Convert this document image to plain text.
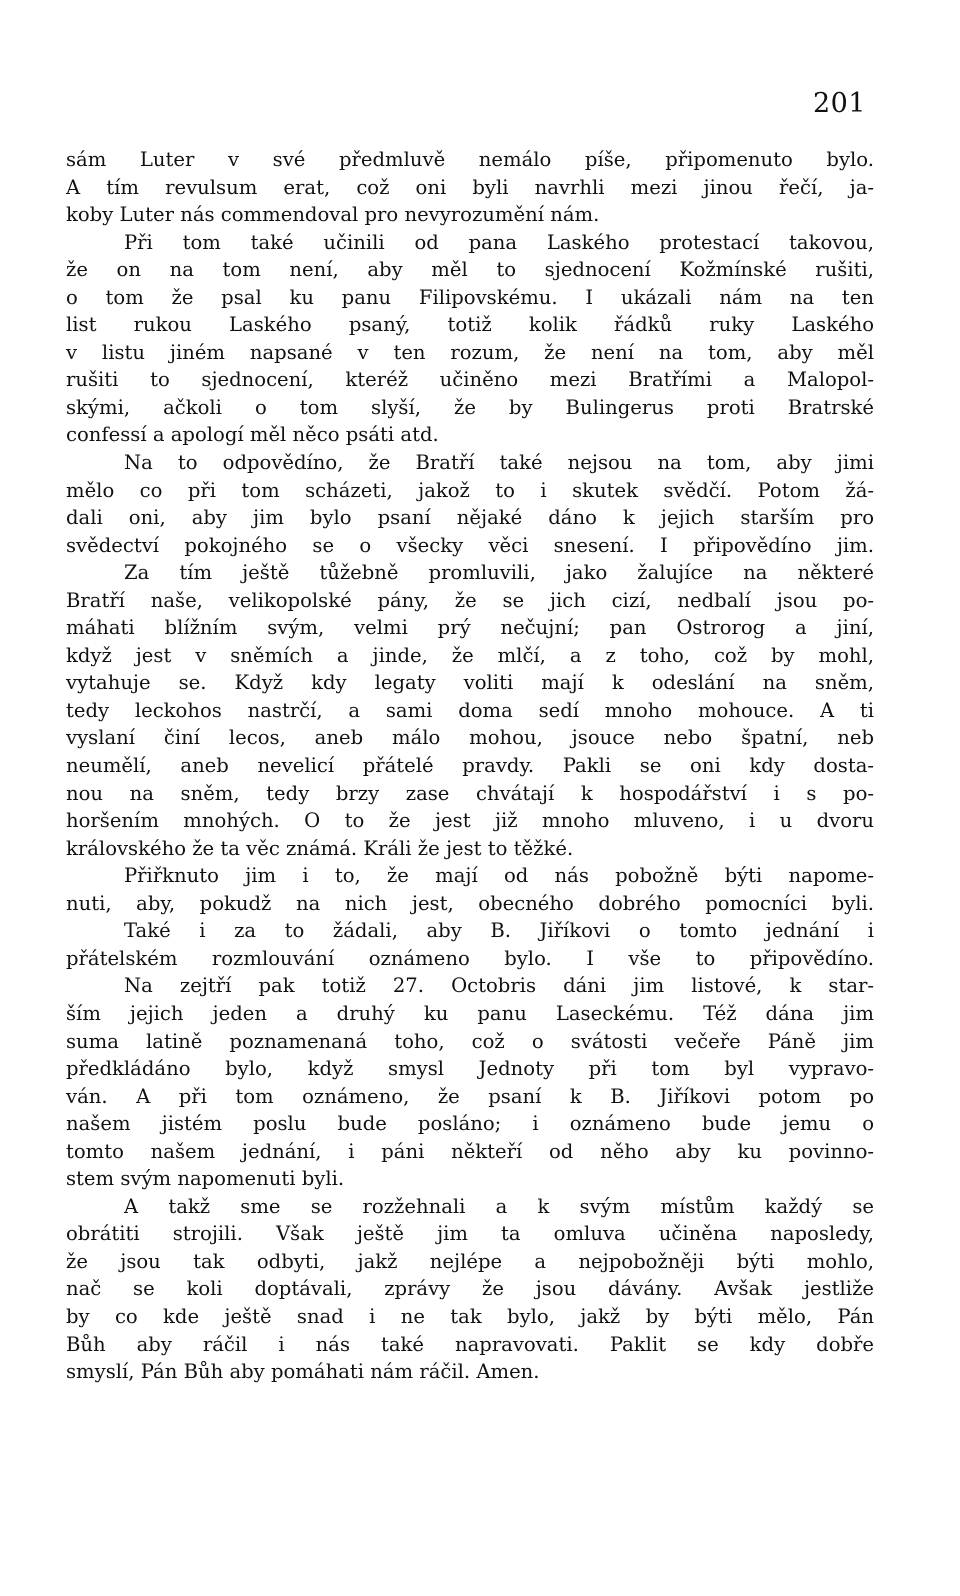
201
sám Luter v své předmluvě nemálo píše, připomenuto bylo.
A tím revulsum erat, což oni byli navrhli mezi jinou řečí, ja-
koby Luter nás commendoval pro nevyrozumění nám.
Při tom také učinili od pana Laského protestací takovou,
že on na tom není, aby měl to sjednocení Kožmínské rušiti,
o tom že psal ku panu Filipovskému. I ukázali nám na ten
list rukou Laského psaný, totiž kolik řádků ruky Laského
v listu jiném napsané v ten rozum, že není na tom, aby měl
rušiti to sjednocení, kteréž učiněno mezi Bratřími a Malopol-
skými, ačkoli o tom slyší, že by Bulingerus proti Bratrské
confessí a apologí měl něco psáti atd.
Na to odpovědíno, že Bratří také nejsou na tom, aby jimi
mělo co při tom scházeti, jakož to i skutek svědčí. Potom žá-
dali oni, aby jim bylo psaní nějaké dáno k jejich starším pro
svědectví pokojného se o všecky věci snesení. I připovědíno jim.
Za tím ještě tůžebně promluvili, jako žalujíce na některé
Bratří naše, velikopolské pány, že se jich cizí, nedbalí jsou po-
máhati blížním svým, velmi prý nečujní; pan Ostrorog a jiní,
když jest v sněmích a jinde, že mlčí, a z toho, což by mohl,
vytahuje se. Když kdy legaty voliti mají k odeslání na sněm,
tedy leckohos nastrčí, a sami doma sedí mnoho mohouce. A ti
vyslaní činí lecos, aneb málo mohou, jsouce nebo špatní, neb
neumělí, aneb nevelicí přátelé pravdy. Pakli se oni kdy dosta-
nou na sněm, tedy brzy zase chvátají k hospodářství i s po-
horšením mnohých. O to že jest již mnoho mluveno, i u dvoru
královského že ta věc známá. Králi že jest to těžké.
Přiřknuto jim i to, že mají od nás pobožně býti napome-
nuti, aby, pokudž na nich jest, obecného dobrého pomocníci byli.
Také i za to žádali, aby B. Jiříkovi o tomto jednání i
přátelském rozmlouvání oznámeno bylo. I vše to připovědíno.
Na zejtří pak totiž 27. Octobris dáni jim listové, k star-
ším jejich jeden a druhý ku panu Laseckému. Též dána jim
suma latině poznamenaná toho, což o svátosti večeře Páně jim
předkládáno bylo, když smysl Jednoty při tom byl vypravo-
ván. A při tom oznámeno, že psaní k B. Jiříkovi potom po
našem jistém poslu bude posláno; i oznámeno bude jemu o
tomto našem jednání, i páni někteří od něho aby ku povinno-
stem svým napomenuti byli.
A takž sme se rozžehnali a k svým místům každý se
obrátiti strojili. Však ještě jim ta omluva učiněna naposledy,
že jsou tak odbyti, jakž nejlépe a nejpobožněji býti mohlo,
nač se koli doptávali, zprávy že jsou dávány. Avšak jestliže
by co kde ještě snad i ne tak bylo, jakž by býti mělo, Pán
Bůh aby ráčil i nás také napravovati. Paklit se kdy dobře
smyslí, Pán Bůh aby pomáhati nám ráčil. Amen.
